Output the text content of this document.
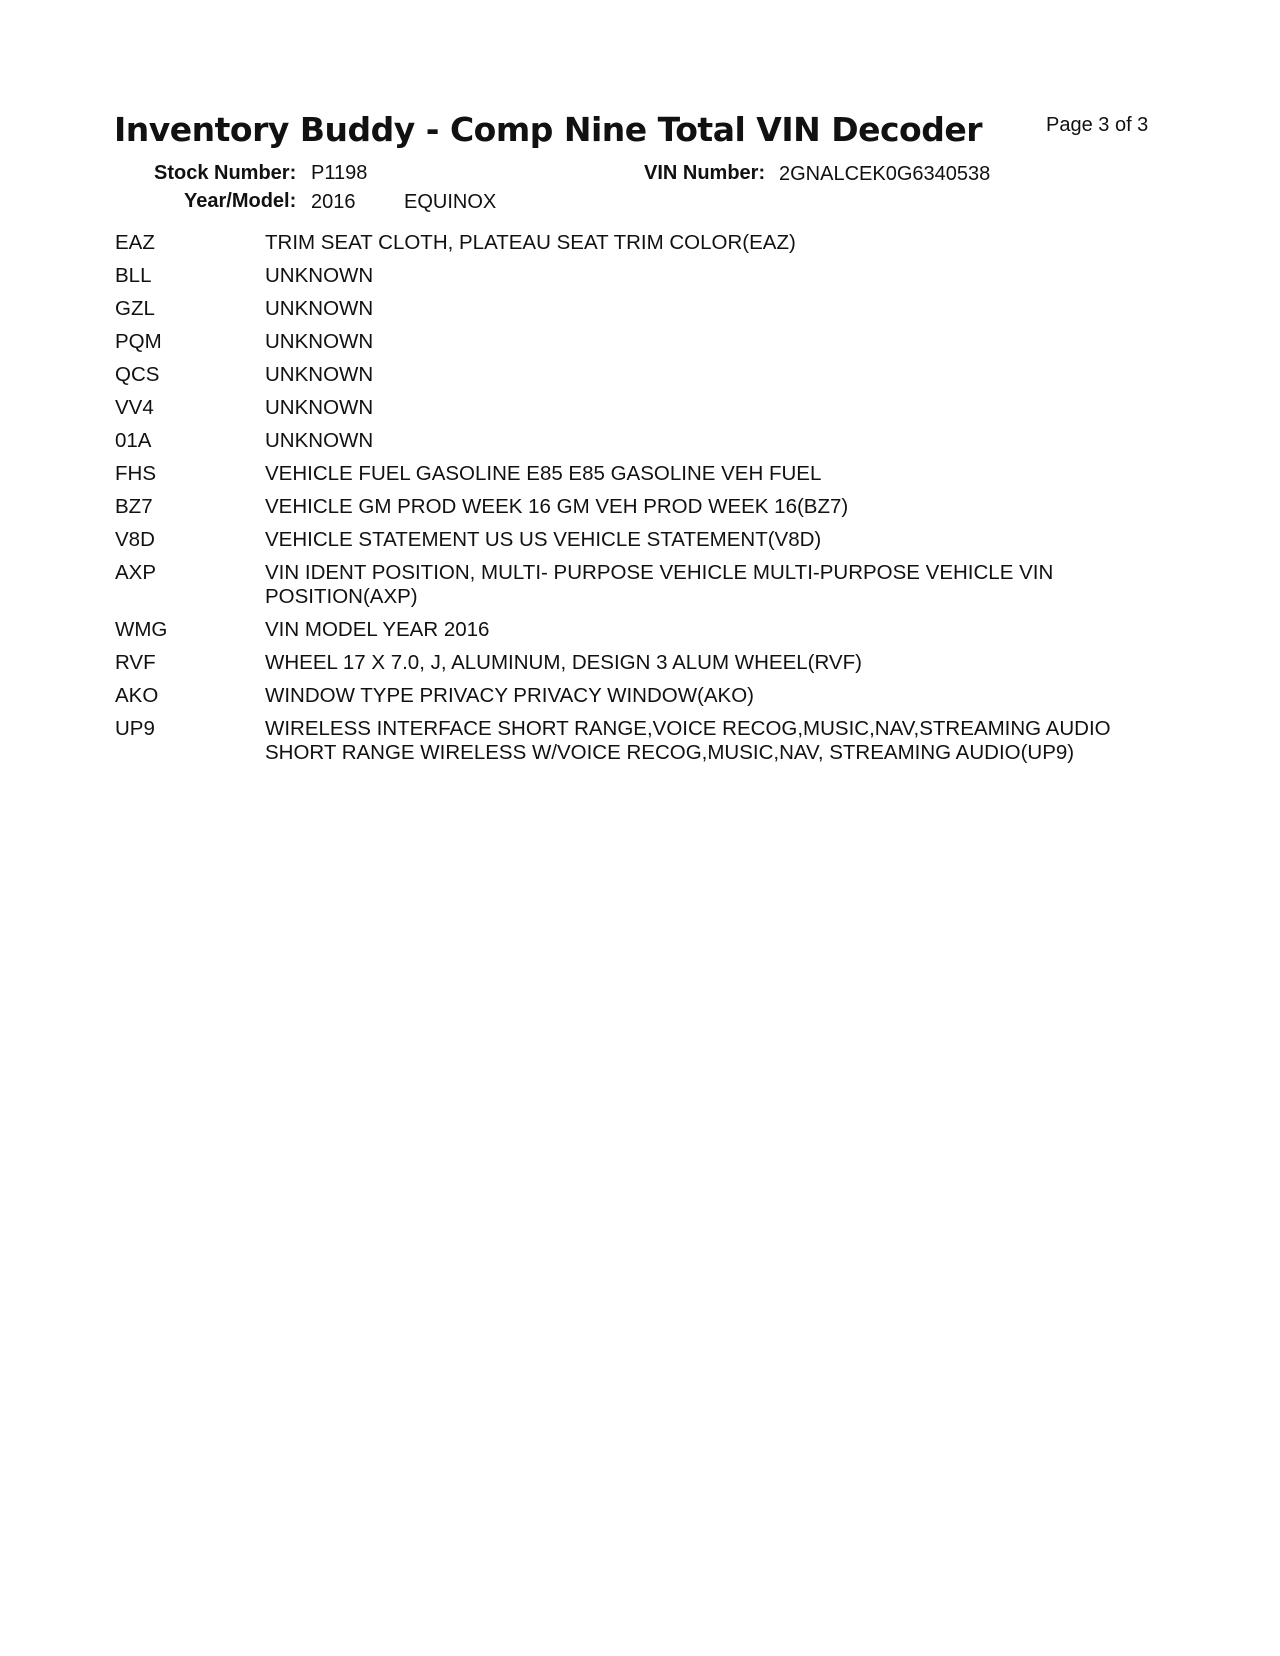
Inventory Buddy - Comp Nine Total VIN Decoder	Page 3 of 3
Stock Number: P1198	VIN Number: 2GNALCEK0G6340538
Year/Model: 2016 EQUINOX
EAZ	TRIM SEAT CLOTH, PLATEAU SEAT TRIM COLOR(EAZ)
BLL	UNKNOWN
GZL	UNKNOWN
PQM	UNKNOWN
QCS	UNKNOWN
VV4	UNKNOWN
01A	UNKNOWN
FHS	VEHICLE FUEL GASOLINE E85 E85 GASOLINE VEH FUEL
BZ7	VEHICLE GM PROD WEEK 16 GM VEH PROD WEEK 16(BZ7)
V8D	VEHICLE STATEMENT US US VEHICLE STATEMENT(V8D)
AXP	VIN IDENT POSITION, MULTI- PURPOSE VEHICLE MULTI-PURPOSE VEHICLE VIN POSITION(AXP)
WMG	VIN MODEL YEAR 2016
RVF	WHEEL 17 X 7.0, J, ALUMINUM, DESIGN 3 ALUM WHEEL(RVF)
AKO	WINDOW TYPE PRIVACY PRIVACY WINDOW(AKO)
UP9	WIRELESS INTERFACE SHORT RANGE,VOICE RECOG,MUSIC,NAV,STREAMING AUDIO SHORT RANGE WIRELESS W/VOICE RECOG,MUSIC,NAV, STREAMING AUDIO(UP9)
